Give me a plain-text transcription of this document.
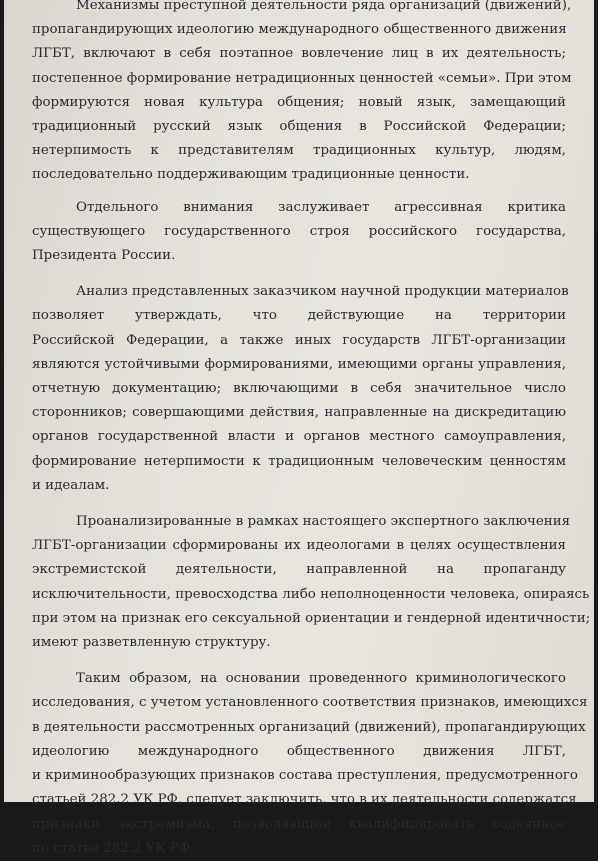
Механизмы преступной деятельности ряда организаций (движений),
пропагандирующих идеологию международного общественного движения
ЛГБТ, включают в себя поэтапное вовлечение лиц в их деятельность;
постепенное формирование нетрадиционных ценностей «семьи». При этом
формируются новая культура общения; новый язык, замещающий
традиционный русский язык общения в Российской Федерации;
нетерпимость к представителям традиционных культур, людям,
последовательно поддерживающим традиционные ценности.
Отдельного внимания заслуживает агрессивная критика
существующего государственного строя российского государства,
Президента России.
Анализ представленных заказчиком научной продукции материалов
позволяет утверждать, что действующие на территории
Российской Федерации, а также иных государств ЛГБТ-организации
являются устойчивыми формированиями, имеющими органы управления,
отчетную документацию; включающими в себя значительное число
сторонников; совершающими действия, направленные на дискредитацию
органов государственной власти и органов местного самоуправления,
формирование нетерпимости к традиционным человеческим ценностям
и идеалам.
Проанализированные в рамках настоящего экспертного заключения
ЛГБТ-организации сформированы их идеологами в целях осуществления
экстремистской деятельности, направленной на пропаганду
исключительности, превосходства либо неполноценности человека, опираясь
при этом на признак его сексуальной ориентации и гендерной идентичности;
имеют разветвленную структуру.
Таким образом, на основании проведенного криминологического
исследования, с учетом установленного соответствия признаков, имеющихся
в деятельности рассмотренных организаций (движений), пропагандирующих
идеологию международного общественного движения ЛГБТ,
и криминообразующих признаков состава преступления, предусмотренного
статьей 282.2 УК РФ, следует заключить, что в их деятельности содержатся
признаки экстремизма, позволяющие квалифицировать содеянное
по статье 282.2 УК РФ.
